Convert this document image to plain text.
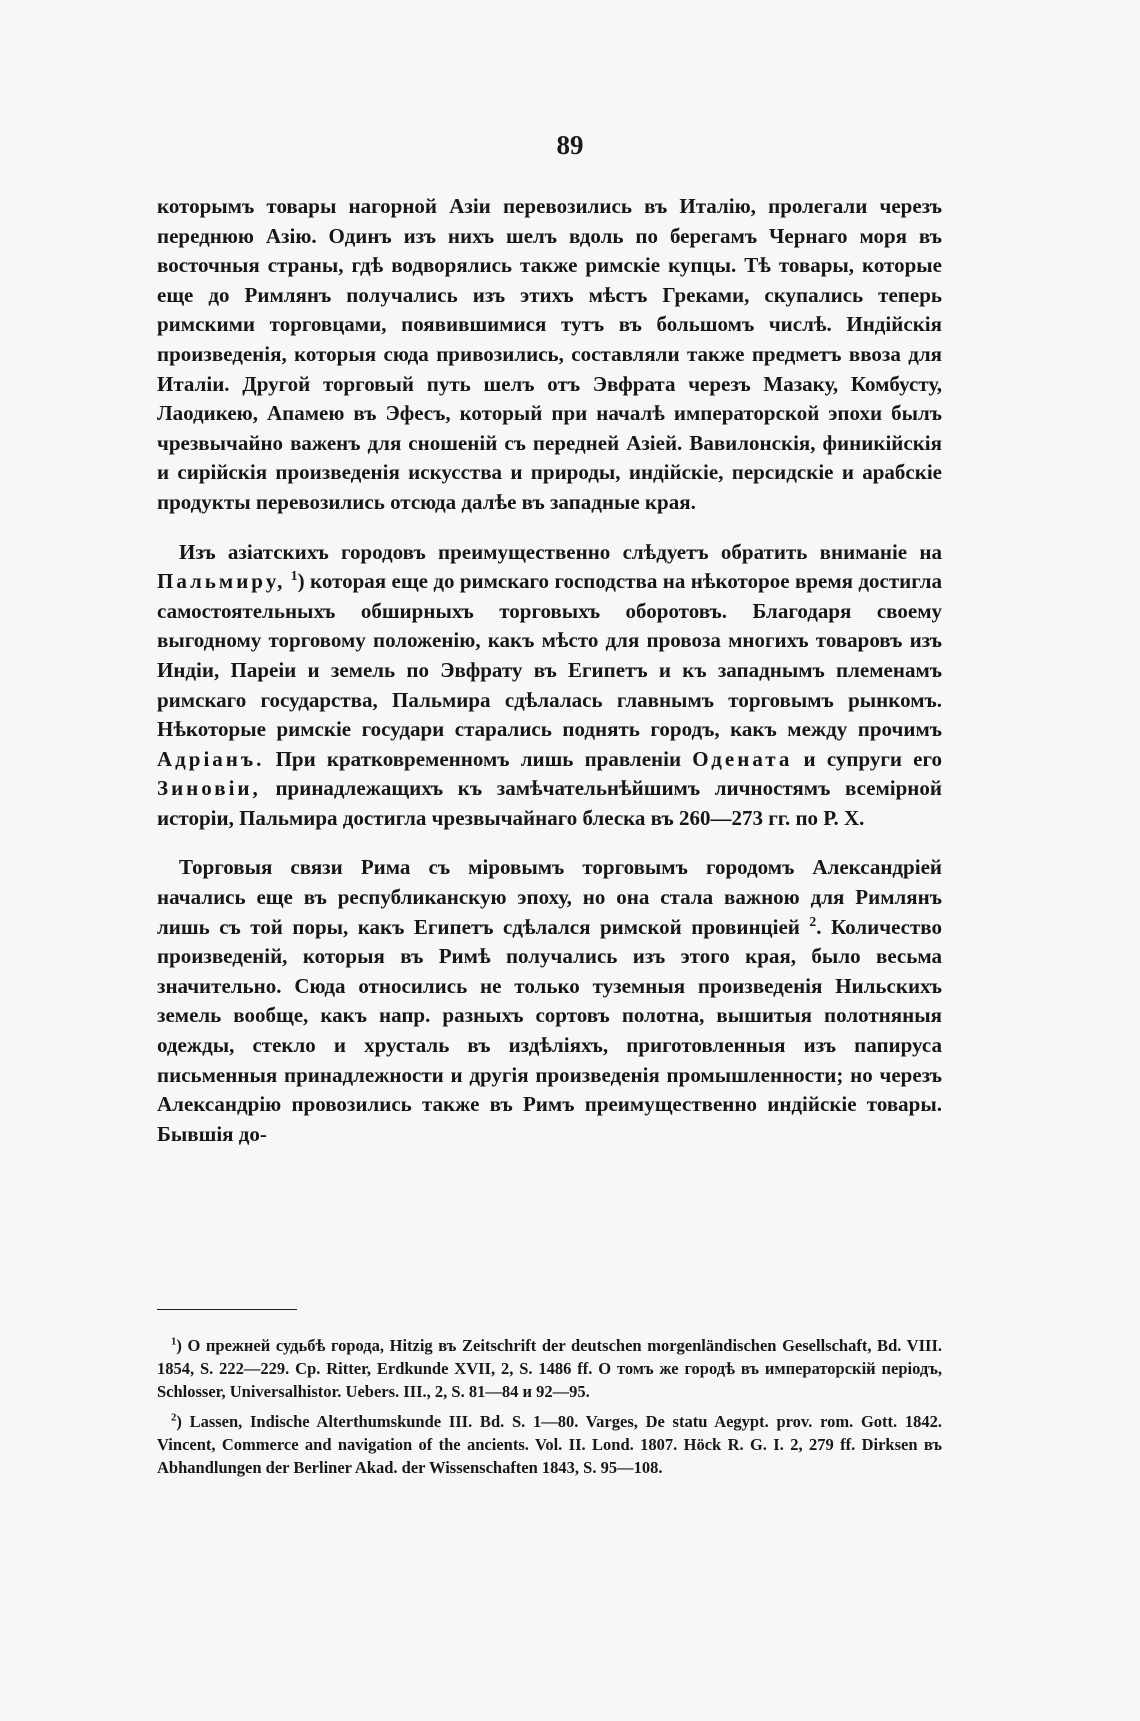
89

которымъ товары нагорной Азіи перевозились въ Италію, пролегали черезъ переднюю Азію. Одинъ изъ нихъ шелъ вдоль по берегамъ Чернаго моря въ восточныя страны, гдѣ водворялись также римскіе купцы. Тѣ товары, которые еще до Римлянъ получались изъ этихъ мѣстъ Греками, скупались теперь римскими торговцами, появившимися тутъ въ большомъ числѣ. Индійскія произведенія, которыя сюда привозились, составляли также предметъ ввоза для Италіи. Другой торговый путь шелъ отъ Эвфрата черезъ Мазаку, Комбусту, Лаодикею, Апамею въ Эфесъ, который при началѣ императорской эпохи былъ чрезвычайно важенъ для сношеній съ передней Азіей. Вавилонскія, финикійскія и сирійскія произведенія искусства и природы, индійскіе, персидскіе и арабскіе продукты перевозились отсюда далѣе въ западные края.

Изъ азіатскихъ городовъ преимущественно слѣдуетъ обратить вниманіе на Пальмиру, $^1$) которая еще до римскаго господства на нѣкоторое время достигла самостоятельныхъ обширныхъ торговыхъ оборотовъ. Благодаря своему выгодному торговому положенію, какъ мѣсто для провоза многихъ товаровъ изъ Индіи, Пареіи и земель по Эвфрату въ Египетъ и къ западнымъ племенамъ римскаго государства, Пальмира сдѣлалась главнымъ торговымъ рынкомъ. Нѣкоторые римскіе государи старались поднять городъ, какъ между прочимъ Адріанъ. При кратковременномъ лишь правленіи Одената и супруги его Зиновіи, принадлежащихъ къ замѣчательнѣйшимъ личностямъ всемірной исторіи, Пальмира достигла чрезвычайнаго блеска въ 260—273 гг. по Р. Х.

Торговыя связи Рима съ міровымъ торговымъ городомъ Александріей начались еще въ республиканскую эпоху, но она стала важною для Римлянъ лишь съ той поры, какъ Египетъ сдѣлался римской провинціей $^2$. Количество произведеній, которыя въ Римѣ получались изъ этого края, было весьма значительно. Сюда относились не только туземныя произведенія Нильскихъ земель вообще, какъ напр. разныхъ сортовъ полотна, вышитыя полотняныя одежды, стекло и хрусталь въ издѣліяхъ, приготовленныя изъ папируса письменныя принадлежности и другія произведенія промышленности; но черезъ Александрію провозились также въ Римъ преимущественно индійскіе товары. Бывшія до-

$^1$) О прежней судьбѣ города, Hitzig въ Zeitschrift der deutschen morgenländischen Gesellschaft, Bd. VIII. 1854, S. 222—229. Ср. Ritter, Erdkunde XVII, 2, S. 1486 ff. О томъ же городѣ въ императорскій періодъ, Schlosser, Universalhistor. Uebers. III., 2, S. 81—84 и 92—95.

$^2$) Lassen, Indische Alterthumskunde III. Bd. S. 1—80. Varges, De statu Aegypt. prov. rom. Gott. 1842. Vincent, Commerce and navigation of the ancients. Vol. II. Lond. 1807. Höck R. G. I. 2, 279 ff. Dirksen въ Abhandlungen der Berliner Akad. der Wissenschaften 1843, S. 95—108.
